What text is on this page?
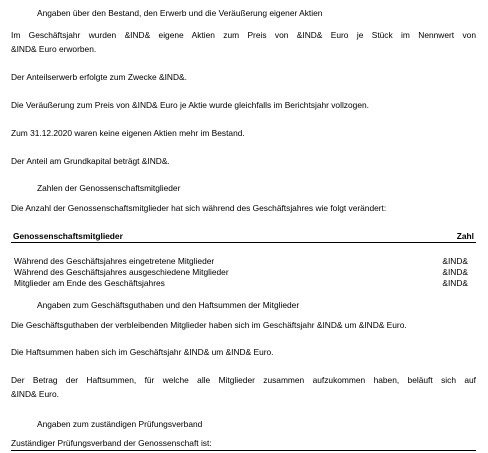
Angaben über den Bestand, den Erwerb und die Veräußerung eigener Aktien
Im Geschäftsjahr wurden &IND& eigene Aktien zum Preis von &IND& Euro je Stück im Nennwert von
&IND& Euro erworben.
Der Anteilserwerb erfolgte zum Zwecke &IND&.
Die Veräußerung zum Preis von &IND& Euro je Aktie wurde gleichfalls im Berichtsjahr vollzogen.
Zum 31.12.2020 waren keine eigenen Aktien mehr im Bestand.
Der Anteil am Grundkapital beträgt &IND&.
Zahlen der Genossenschaftsmitglieder
Die Anzahl der Genossenschaftsmitglieder hat sich während des Geschäftsjahres wie folgt verändert:
Genossenschaftsmitglieder	Zahl
Während des Geschäftsjahres eingetretene Mitglieder	&IND&
Während des Geschäftsjahres ausgeschiedene Mitglieder	&IND&
Mitglieder am Ende des Geschäftsjahres	&IND&
Angaben zum Geschäftsguthaben und den Haftsummen der Mitglieder
Die Geschäftsguthaben der verbleibenden Mitglieder haben sich im Geschäftsjahr &IND& um &IND& Euro.
Die Haftsummen haben sich im Geschäftsjahr &IND& um &IND& Euro.
Der Betrag der Haftsummen, für welche alle Mitglieder zusammen aufzukommen haben, beläuft sich auf
&IND& Euro.
Angaben zum zuständigen Prüfungsverband
Zuständiger Prüfungsverband der Genossenschaft ist:
